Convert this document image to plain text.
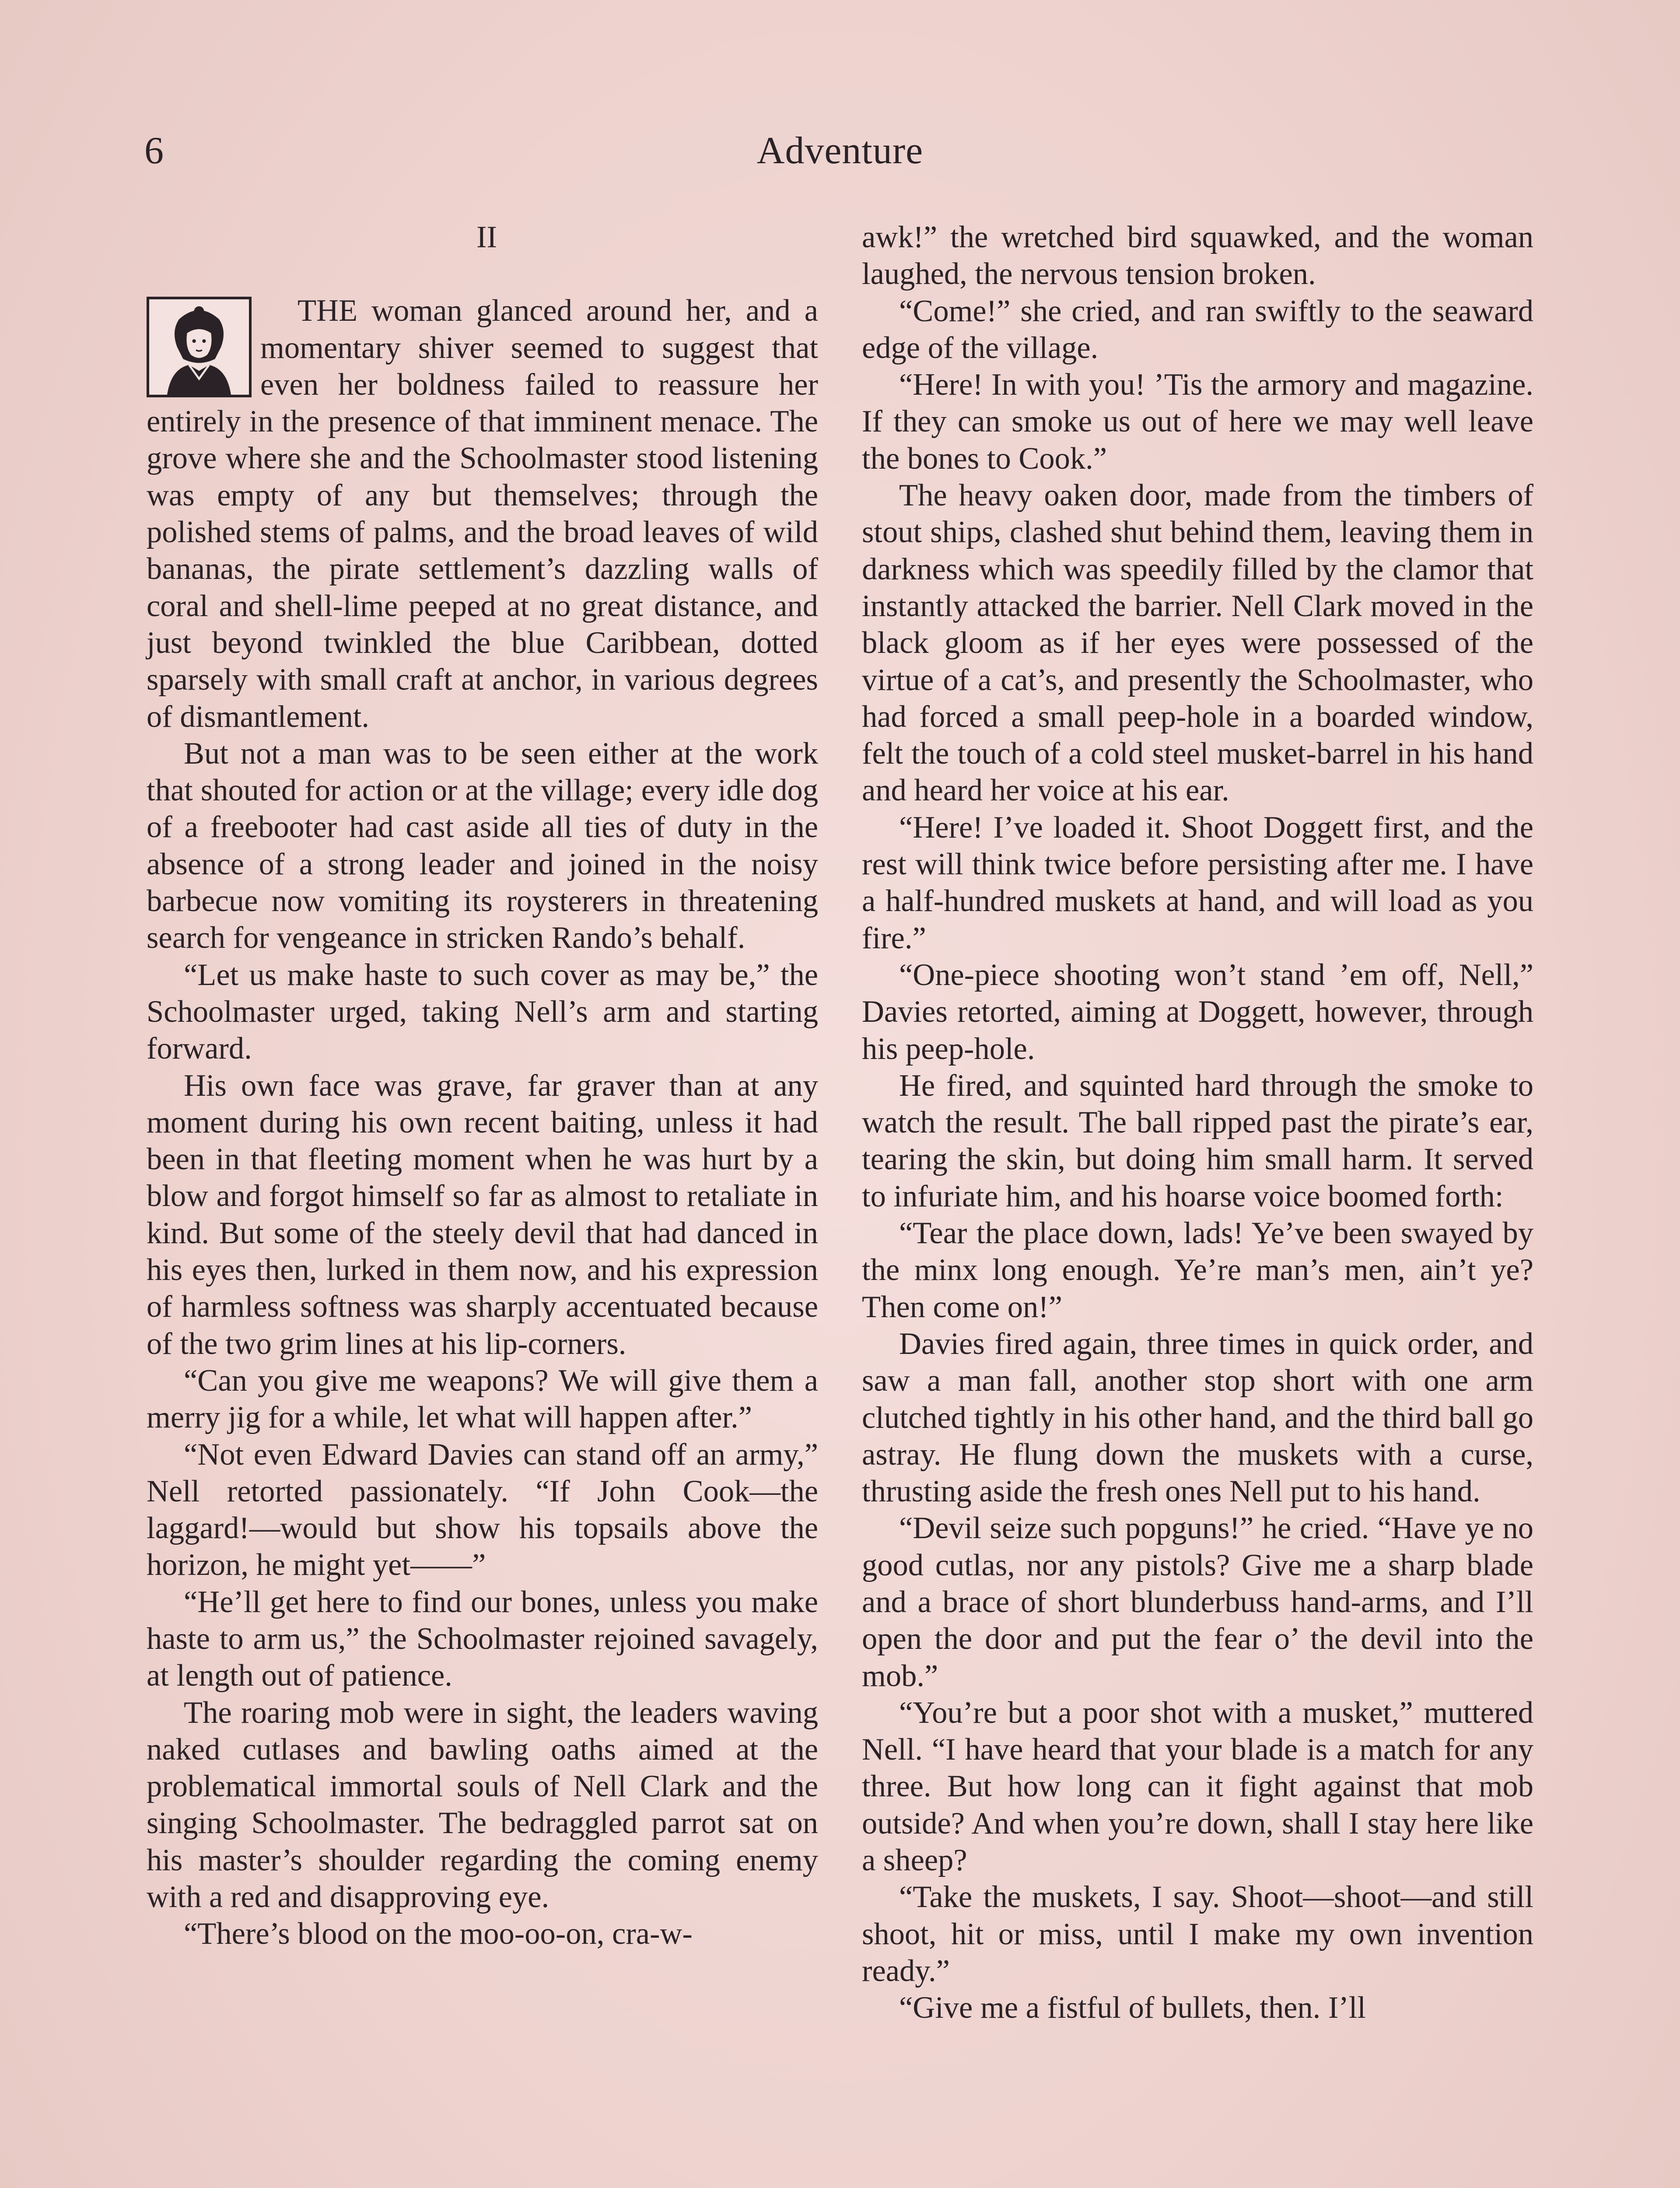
6	Adventure
II

THE woman glanced around her, and a momentary shiver seemed to suggest that even her boldness failed to reassure her entirely in the presence of that imminent menace. The grove where she and the Schoolmaster stood listening was empty of any but themselves; through the polished stems of palms, and the broad leaves of wild bananas, the pirate settlement’s dazzling walls of coral and shell-lime peeped at no great distance, and just beyond twinkled the blue Caribbean, dotted sparsely with small craft at anchor, in various degrees of dismantlement.

But not a man was to be seen either at the work that shouted for action or at the village; every idle dog of a freebooter had cast aside all ties of duty in the absence of a strong leader and joined in the noisy barbecue now vomiting its roysterers in threatening search for vengeance in stricken Rando’s behalf.

“Let us make haste to such cover as may be,” the Schoolmaster urged, taking Nell’s arm and starting forward.

His own face was grave, far graver than at any moment during his own recent baiting, unless it had been in that fleeting moment when he was hurt by a blow and forgot himself so far as almost to retaliate in kind. But some of the steely devil that had danced in his eyes then, lurked in them now, and his expression of harmless softness was sharply accentuated because of the two grim lines at his lip-corners.

“Can you give me weapons? We will give them a merry jig for a while, let what will happen after.”

“Not even Edward Davies can stand off an army,” Nell retorted passionately. “If John Cook—the laggard!—would but show his topsails above the horizon, he might yet——”

“He’ll get here to find our bones, unless you make haste to arm us,” the Schoolmaster rejoined savagely, at length out of patience.

The roaring mob were in sight, the leaders waving naked cutlases and bawling oaths aimed at the problematical immortal souls of Nell Clark and the singing Schoolmaster. The bedraggled parrot sat on his master’s shoulder regarding the coming enemy with a red and disapproving eye.

“There’s blood on the moo-oo-on, cra-w-

awk!” the wretched bird squawked, and the woman laughed, the nervous tension broken.

“Come!” she cried, and ran swiftly to the seaward edge of the village.

“Here! In with you! ’Tis the armory and magazine. If they can smoke us out of here we may well leave the bones to Cook.”

The heavy oaken door, made from the timbers of stout ships, clashed shut behind them, leaving them in darkness which was speedily filled by the clamor that instantly attacked the barrier. Nell Clark moved in the black gloom as if her eyes were possessed of the virtue of a cat’s, and presently the Schoolmaster, who had forced a small peep-hole in a boarded window, felt the touch of a cold steel musket-barrel in his hand and heard her voice at his ear.

“Here! I’ve loaded it. Shoot Doggett first, and the rest will think twice before persisting after me. I have a half-hundred muskets at hand, and will load as you fire.”

“One-piece shooting won’t stand ’em off, Nell,” Davies retorted, aiming at Doggett, however, through his peep-hole.

He fired, and squinted hard through the smoke to watch the result. The ball ripped past the pirate’s ear, tearing the skin, but doing him small harm. It served to infuriate him, and his hoarse voice boomed forth:

“Tear the place down, lads! Ye’ve been swayed by the minx long enough. Ye’re man’s men, ain’t ye? Then come on!”

Davies fired again, three times in quick order, and saw a man fall, another stop short with one arm clutched tightly in his other hand, and the third ball go astray. He flung down the muskets with a curse, thrusting aside the fresh ones Nell put to his hand.

“Devil seize such popguns!” he cried. “Have ye no good cutlas, nor any pistols? Give me a sharp blade and a brace of short blunderbuss hand-arms, and I’ll open the door and put the fear o’ the devil into the mob.”

“You’re but a poor shot with a musket,” muttered Nell. “I have heard that your blade is a match for any three. But how long can it fight against that mob outside? And when you’re down, shall I stay here like a sheep?

“Take the muskets, I say. Shoot—shoot—and still shoot, hit or miss, until I make my own invention ready.”

“Give me a fistful of bullets, then. I’ll
